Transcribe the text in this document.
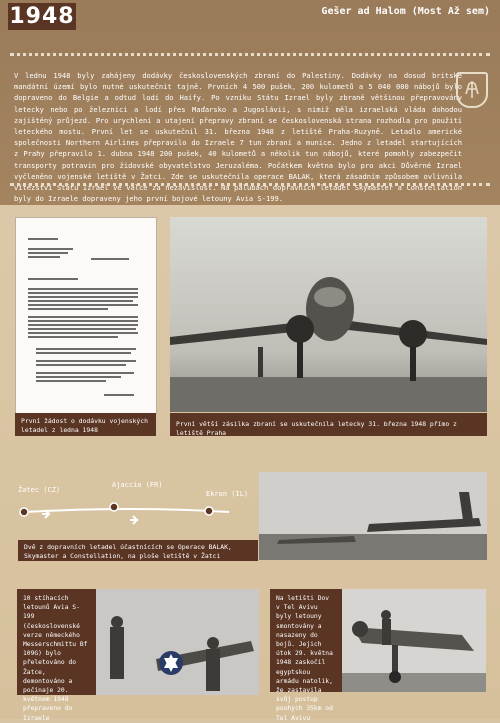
1948	Gešer ad Halom (Most Až sem)

V lednu 1948 byly zahájeny dodávky československých zbraní do Palestiny. Dodávky na dosud britské mandátní území bylo nutné uskutečnit tajně. Prvních 4 500 pušek, 200 kulometů a 5 040 000 nábojů bylo dopraveno do Belgie a odtud lodí do Haify. Po vzniku Státu Izrael byly zbraně většinou přepravovány letecky nebo po železnici a lodí přes Maďarsko a Jugoslávii, s nimiž měla izraelská vláda dohodou zajištěný průjezd. Pro urychlení a utajení přepravy zbraní se československá strana rozhodla pro použití leteckého mostu. První let se uskutečnil 31. března 1948 z letiště Praha-Ruzyně. Letadlo americké společnosti Northern Airlines přepravilo do Izraele 7 tun zbraní a munice. Jedno z letadel startujících z Prahy přepravilo 1. dubna 1948 200 pušek, 40 kulometů a několik tun nábojů, které pomohly zabezpečit transporty potravin pro židovské obyvatelstvo Jeruzaléma. Počátkem května bylo pro akci Důvěrné Izrael vyčleněno vojenské letiště v Žatci. Zde se uskutečnila operace BALAK, která zásadním způsobem ovlivnila vítězství Státu Izrael ve válce za nezávislost. Na palubách dopravních letadel Skymaster a Constellation byly do Izraele dopraveny jeho první bojové letouny Avia S-199.

První žádost o dodávku vojenských letadel z ledna 1948
První větší zásilka zbraní se uskutečnila letecky 31. března 1948 přímo z letiště Praha
Žatec (CZ)
Ajaccio (FR)
Ekron (IL)
Dvě z dopravních letadel účastnících se Operace BALAK, Skymaster a Constellation, na ploše letiště v Žatci
10 stíhacích letounů Avia S-199 (československé verze německého Messerschmittu Bf 109G) bylo přeletováno do Žatce, demontováno a počínaje 20. květnem 1948 přepraveno do Izraele
Na letišti Dov v Tel Avivu byly letouny smontovány a nasazeny do bojů. Jejich útok 29. května 1948 zaskočil egyptskou armádu natolik, že zastavila svůj postup pouhých 35km od Tel Avivu
